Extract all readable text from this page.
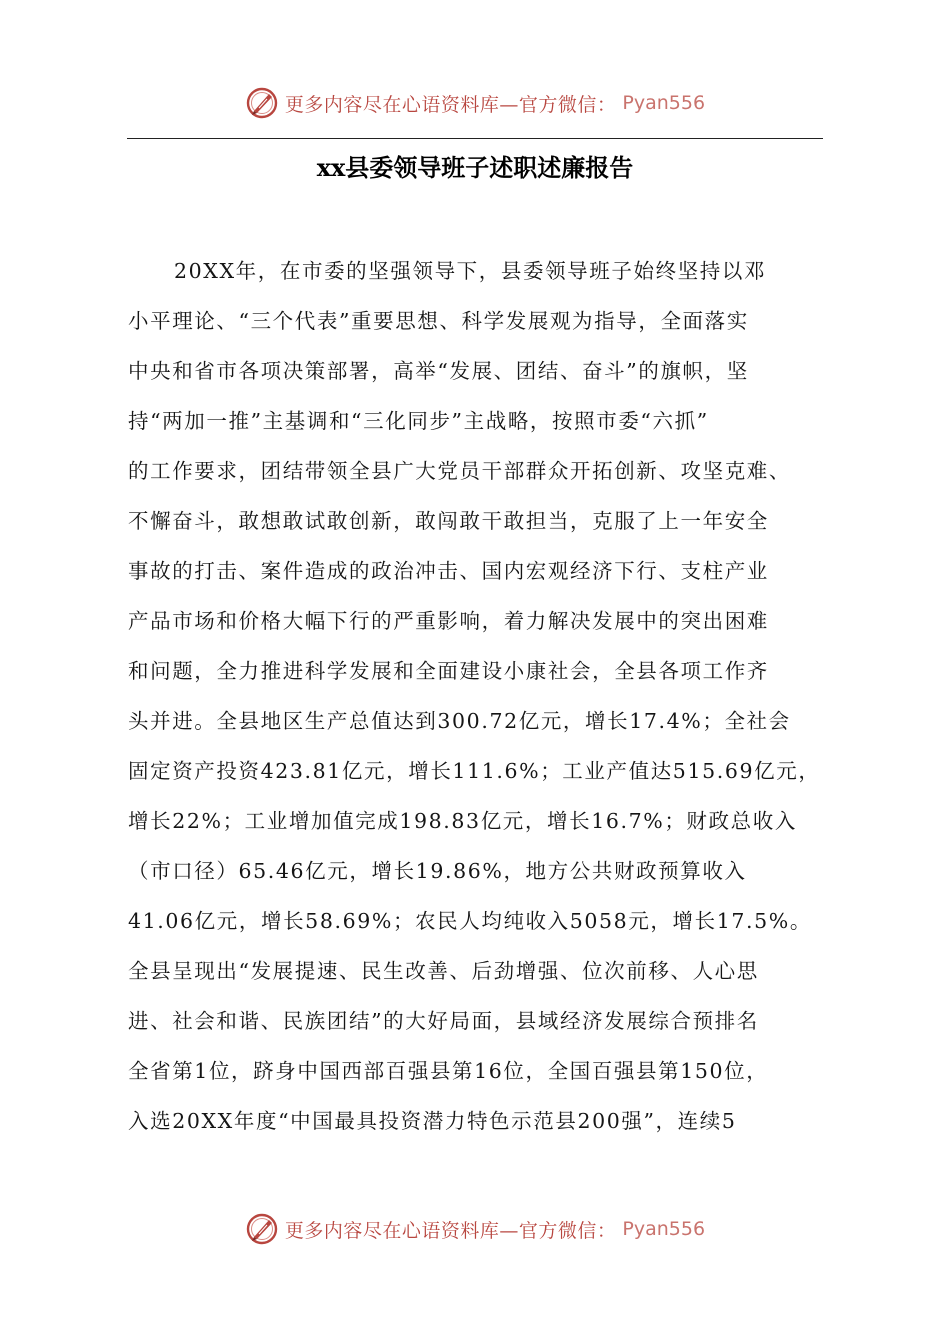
更多内容尽在心语资料库—官方微信： Pyan556
xx县委领导班子述职述廉报告
20XX年，在市委的坚强领导下，县委领导班子始终坚持以邓
小平理论、“三个代表”重要思想、科学发展观为指导，全面落实
中央和省市各项决策部署，高举“发展、团结、奋斗”的旗帜，坚
持“两加一推”主基调和“三化同步”主战略，按照市委“六抓”
的工作要求，团结带领全县广大党员干部群众开拓创新、攻坚克难、
不懈奋斗，敢想敢试敢创新，敢闯敢干敢担当，克服了上一年安全
事故的打击、案件造成的政治冲击、国内宏观经济下行、支柱产业
产品市场和价格大幅下行的严重影响，着力解决发展中的突出困难
和问题，全力推进科学发展和全面建设小康社会，全县各项工作齐
头并进。全县地区生产总值达到300.72亿元，增长17.4%；全社会
固定资产投资423.81亿元，增长111.6%；工业产值达515.69亿元，
增长22%；工业增加值完成198.83亿元，增长16.7%；财政总收入
（市口径）65.46亿元，增长19.86%，地方公共财政预算收入
41.06亿元，增长58.69%；农民人均纯收入5058元，增长17.5%。
全县呈现出“发展提速、民生改善、后劲增强、位次前移、人心思
进、社会和谐、民族团结”的大好局面，县域经济发展综合预排名
全省第1位，跻身中国西部百强县第16位，全国百强县第150位，
入选20XX年度“中国最具投资潜力特色示范县200强”，连续5
更多内容尽在心语资料库—官方微信： Pyan556
